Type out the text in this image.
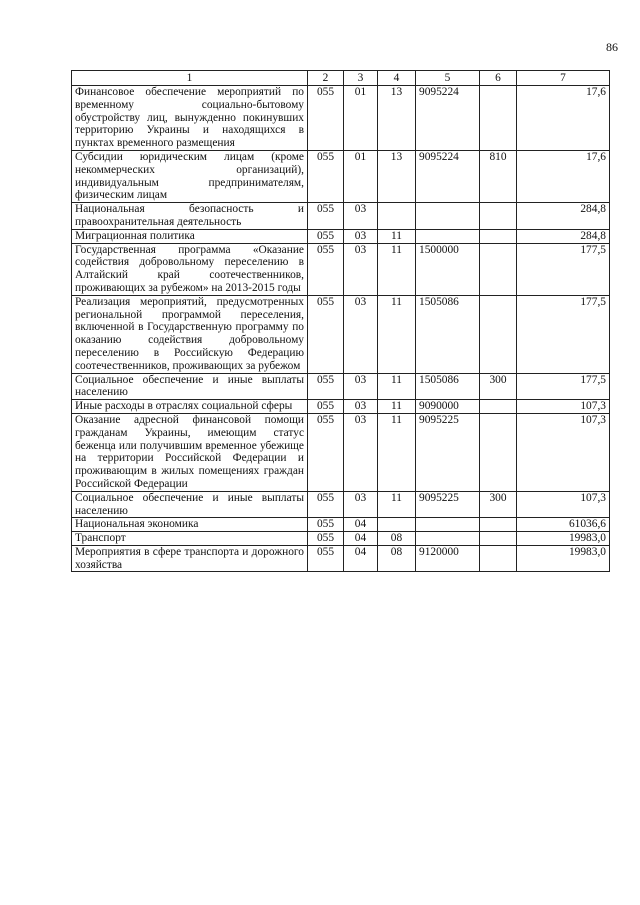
86
1	2	3	4	5	6	7
Финансовое обеспечение мероприятий по временному социально-бытовому обустройству лиц, вынужденно покинувших территорию Украины и находящихся в пунктах временного размещения	055	01	13	9095224		17,6
Субсидии юридическим лицам (кроме некоммерческих организаций), индивидуальным предпринимателям, физическим лицам	055	01	13	9095224	810	17,6
Национальная безопасность и правоохранительная деятельность	055	03				284,8
Миграционная политика	055	03	11			284,8
Государственная программа «Оказание содействия добровольному переселению в Алтайский край соотечественников, проживающих за рубежом» на 2013-2015 годы	055	03	11	1500000		177,5
Реализация мероприятий, предусмотренных региональной программой переселения, включенной в Государственную программу по оказанию содействия добровольному переселению в Российскую Федерацию соотечественников, проживающих за рубежом	055	03	11	1505086		177,5
Социальное обеспечение и иные выплаты населению	055	03	11	1505086	300	177,5
Иные расходы в отраслях социальной сферы	055	03	11	9090000		107,3
Оказание адресной финансовой помощи гражданам Украины, имеющим статус беженца или получившим временное убежище на территории Российской Федерации и проживающим в жилых помещениях граждан Российской Федерации	055	03	11	9095225		107,3
Социальное обеспечение и иные выплаты населению	055	03	11	9095225	300	107,3
Национальная экономика	055	04				61036,6
Транспорт	055	04	08			19983,0
Мероприятия в сфере транспорта и дорожного хозяйства	055	04	08	9120000		19983,0
